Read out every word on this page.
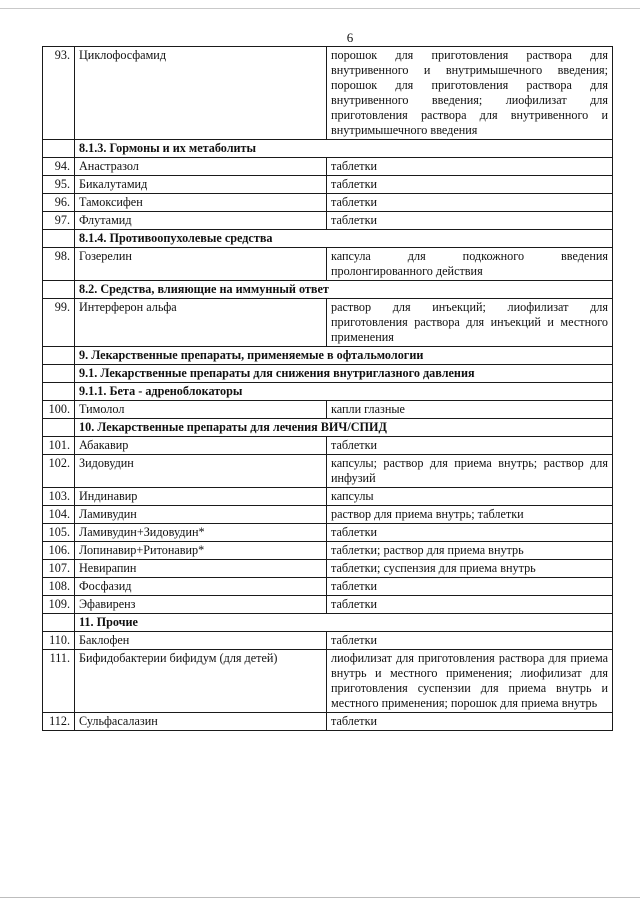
6
93.	Циклофосфамид	порошок для приготовления раствора для внутривенного и внутримышечного введения; порошок для приготовления раствора для внутривенного введения; лиофилизат для приготовления раствора для внутривенного и внутримышечного введения
	8.1.3. Гормоны и их метаболиты	
94.	Анастразол	таблетки
95.	Бикалутамид	таблетки
96.	Тамоксифен	таблетки
97.	Флутамид	таблетки
	8.1.4. Противоопухолевые средства	
98.	Гозерелин	капсула для подкожного введения пролонгированного действия
	8.2. Средства, влияющие на иммунный ответ	
99.	Интерферон альфа	раствор для инъекций; лиофилизат для приготовления раствора для инъекций и местного применения
	9. Лекарственные препараты, применяемые в офтальмологии	
	9.1. Лекарственные препараты для снижения внутриглазного давления	
	9.1.1. Бета - адреноблокаторы	
100.	Тимолол	капли глазные
	10. Лекарственные препараты для лечения ВИЧ/СПИД	
101.	Абакавир	таблетки
102.	Зидовудин	капсулы; раствор для приема внутрь; раствор для инфузий
103.	Индинавир	капсулы
104.	Ламивудин	раствор для приема внутрь; таблетки
105.	Ламивудин+Зидовудин*	таблетки
106.	Лопинавир+Ритонавир*	таблетки; раствор для приема внутрь
107.	Невирапин	таблетки; суспензия для приема внутрь
108.	Фосфазид	таблетки
109.	Эфавиренз	таблетки
	11. Прочие	
110.	Баклофен	таблетки
111.	Бифидобактерии бифидум (для детей)	лиофилизат для приготовления раствора для приема внутрь и местного применения; лиофилизат для приготовления суспензии для приема внутрь и местного применения; порошок для приема внутрь
112.	Сульфасалазин	таблетки
